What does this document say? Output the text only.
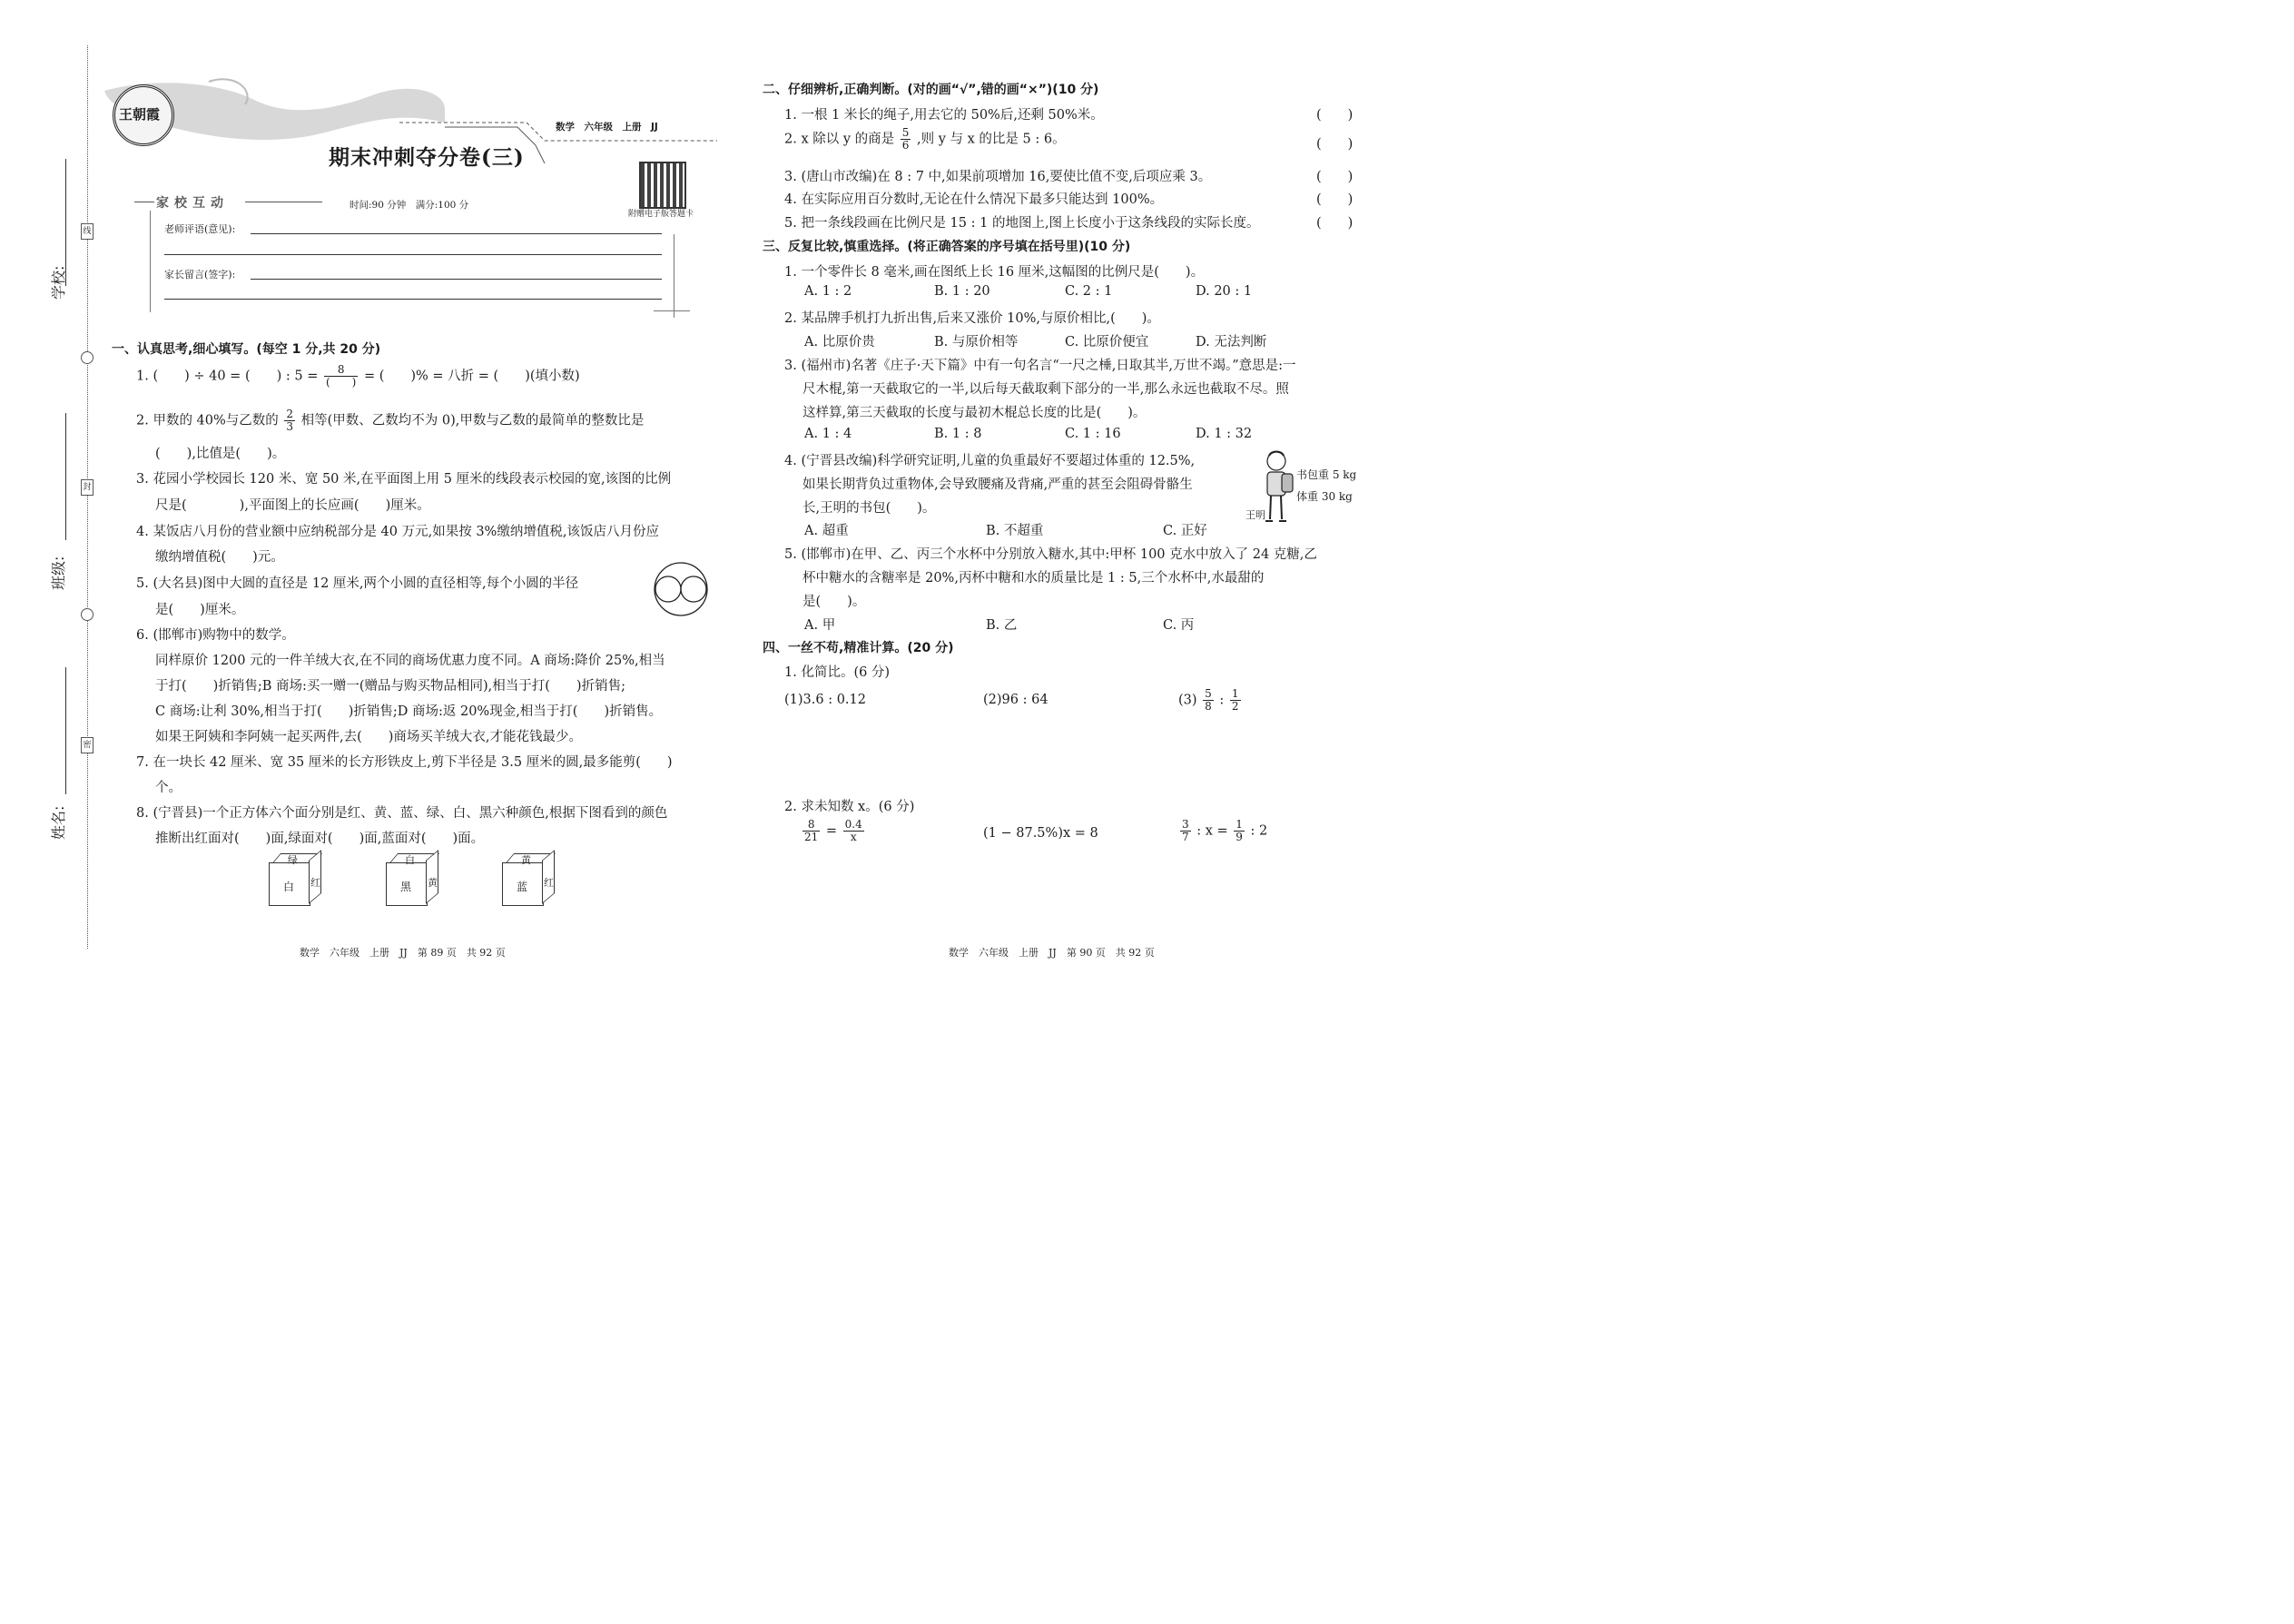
线
封
密
学校:
班级:
姓名:
王朝霞
数学　六年级　上册　JJ
期末冲刺夺分卷(三)
附赠电子版答题卡
家校互动	时间:90 分钟　满分:100 分
老师评语(意见):
家长留言(签字):
一、认真思考,细心填写。(每空 1 分,共 20 分)
1. (　　) ÷ 40 = (　　) : $5 = \frac{8}{( )}$ = (　　)% = 八折 = (　　)(填小数)
2. 甲数的 40%与乙数的 $\frac{2}{3}$ 相等(甲数、乙数均不为 0),甲数与乙数的最简单的整数比是
(　　),比值是(　　)。
3. 花园小学校园长 120 米、宽 50 米,在平面图上用 5 厘米的线段表示校园的宽,该图的比例
尺是(　　　　),平面图上的长应画(　　)厘米。
4. 某饭店八月份的营业额中应纳税部分是 40 万元,如果按 3%缴纳增值税,该饭店八月份应
缴纳增值税(　　)元。
5. (大名县)图中大圆的直径是 12 厘米,两个小圆的直径相等,每个小圆的半径
是(　　)厘米。
6. (邯郸市)购物中的数学。
同样原价 1200 元的一件羊绒大衣,在不同的商场优惠力度不同。A 商场:降价 25%,相当
于打(　　)折销售;B 商场:买一赠一(赠品与购买物品相同),相当于打(　　)折销售;
C 商场:让利 30%,相当于打(　　)折销售;D 商场:返 20%现金,相当于打(　　)折销售。
如果王阿姨和李阿姨一起买两件,去(　　)商场买羊绒大衣,才能花钱最少。
7. 在一块长 42 厘米、宽 35 厘米的长方形铁皮上,剪下半径是 3.5 厘米的圆,最多能剪(　　)
个。
8. (宁晋县)一个正方体六个面分别是红、黄、蓝、绿、白、黑六种颜色,根据下图看到的颜色
推断出红面对(　　)面,绿面对(　　)面,蓝面对(　　)面。
绿
白 红
白
黑 黄
黄
蓝 红
数学　六年级　上册　JJ　第 89 页　共 92 页
二、仔细辨析,正确判断。(对的画“√”,错的画“×”)(10 分)
1. 一根 1 米长的绳子,用去它的 50%后,还剩 50%米。	(　　)
2. x 除以 y 的商是 $\frac{5}{6}$ ,则 y 与 x 的比是 5 : 6。	(　　)
3. (唐山市改编)在 8 : 7 中,如果前项增加 16,要使比值不变,后项应乘 3。	(　　)
4. 在实际应用百分数时,无论在什么情况下最多只能达到 100%。	(　　)
5. 把一条线段画在比例尺是 15 : 1 的地图上,图上长度小于这条线段的实际长度。	(　　)
三、反复比较,慎重选择。(将正确答案的序号填在括号里)(10 分)
1. 一个零件长 8 毫米,画在图纸上长 16 厘米,这幅图的比例尺是(　　)。
A. 1 : 2	B. 1 : 20	C. 2 : 1	D. 20 : 1
2. 某品牌手机打九折出售,后来又涨价 10%,与原价相比,(　　)。
A. 比原价贵	B. 与原价相等	C. 比原价便宜	D. 无法判断
3. (福州市)名著《庄子·天下篇》中有一句名言“一尺之棰,日取其半,万世不竭。”意思是:一
尺木棍,第一天截取它的一半,以后每天截取剩下部分的一半,那么永远也截取不尽。照
这样算,第三天截取的长度与最初木棍总长度的比是(　　)。
A. 1 : 4	B. 1 : 8	C. 1 : 16	D. 1 : 32
4. (宁晋县改编)科学研究证明,儿童的负重最好不要超过体重的 12.5%,
如果长期背负过重物体,会导致腰痛及背痛,严重的甚至会阻碍骨骼生
长,王明的书包(　　)。
A. 超重	B. 不超重	C. 正好
书包重 5 kg
体重 30 kg
王明
5. (邯郸市)在甲、乙、丙三个水杯中分别放入糖水,其中:甲杯 100 克水中放入了 24 克糖,乙
杯中糖水的含糖率是 20%,丙杯中糖和水的质量比是 1 : 5,三个水杯中,水最甜的
是(　　)。
A. 甲	B. 乙	C. 丙
四、一丝不苟,精准计算。(20 分)
1. 化简比。(6 分)
(1)3.6 : 0.12	(2)96 : 64	$(3) \frac{5}{8}$ : $\frac{1}{2}$
2. 求未知数 x。(6 分)
$\frac{8}{21} = \frac{0.4}{x}$	(1 − 87.5%)x = 8	$\frac{3}{7}$ : $x = \frac{1}{9}$ : 2
数学　六年级　上册　JJ　第 90 页　共 92 页
